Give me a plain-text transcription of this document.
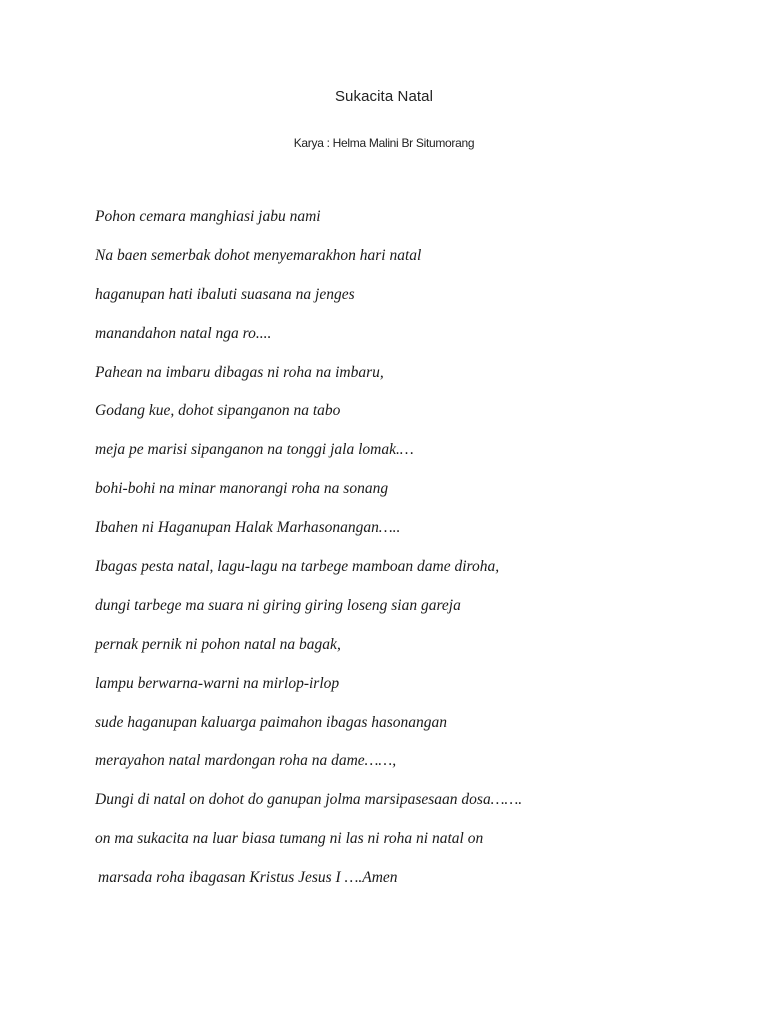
Sukacita Natal
Karya : Helma Malini Br Situmorang
Pohon cemara manghiasi jabu nami
Na baen semerbak dohot menyemarakhon hari natal
haganupan hati ibaluti suasana na jenges
manandahon natal nga ro....
Pahean na imbaru dibagas ni roha na imbaru,
Godang kue, dohot sipanganon na tabo
meja pe marisi sipanganon na tonggi jala lomak.…
bohi-bohi na minar manorangi roha na sonang
Ibahen ni Haganupan Halak Marhasonangan…..
Ibagas pesta natal, lagu-lagu na tarbege mamboan dame diroha,
dungi tarbege ma suara ni giring giring loseng sian gareja
pernak pernik ni pohon natal na bagak,
lampu berwarna-warni na mirlop-irlop
sude haganupan kaluarga paimahon ibagas hasonangan
merayahon natal mardongan roha na dame……,
Dungi di natal on dohot do ganupan jolma marsipasesaan dosa…….
on ma sukacita na luar biasa tumang ni las ni roha ni natal on
marsada roha ibagasan Kristus Jesus I ….Amen
